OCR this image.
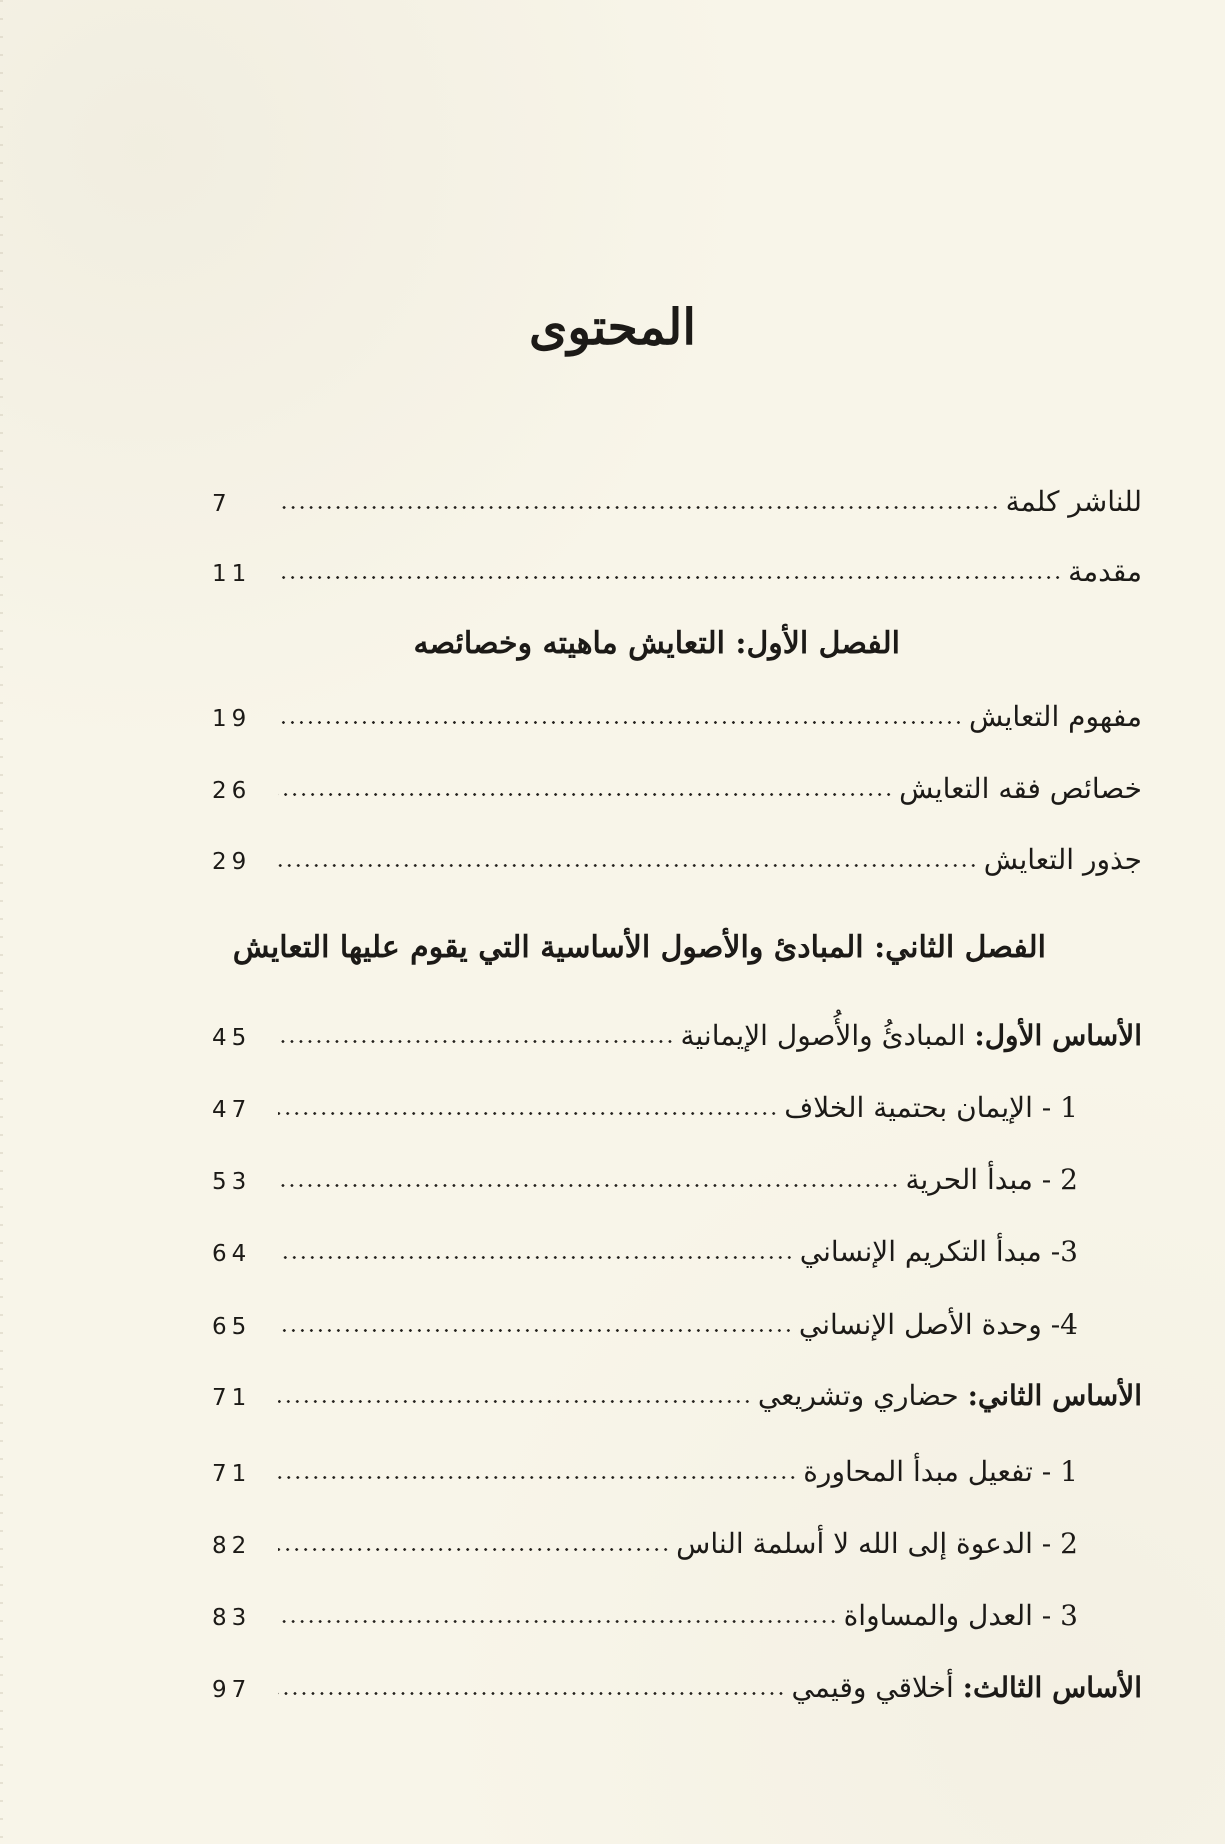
المحتوى
للناشر كلمة
7
مقدمة
11
الفصل الأول: التعايش ماهيته وخصائصه
مفهوم التعايش
19
خصائص فقه التعايش
26
جذور التعايش
29
الفصل الثاني: المبادئ والأصول الأساسية التي يقوم عليها التعايش
الأساس الأول: المبادئُ والأُصول الإيمانية
45
1 - الإيمان بحتمية الخلاف
47
2 - مبدأ الحرية
53
3- مبدأ التكريم الإنساني
64
4- وحدة الأصل الإنساني
65
الأساس الثاني: حضاري وتشريعي
71
1 - تفعيل مبدأ المحاورة
71
2 - الدعوة إلى الله لا أسلمة الناس
82
3 - العدل والمساواة
83
الأساس الثالث: أخلاقي وقيمي
97
